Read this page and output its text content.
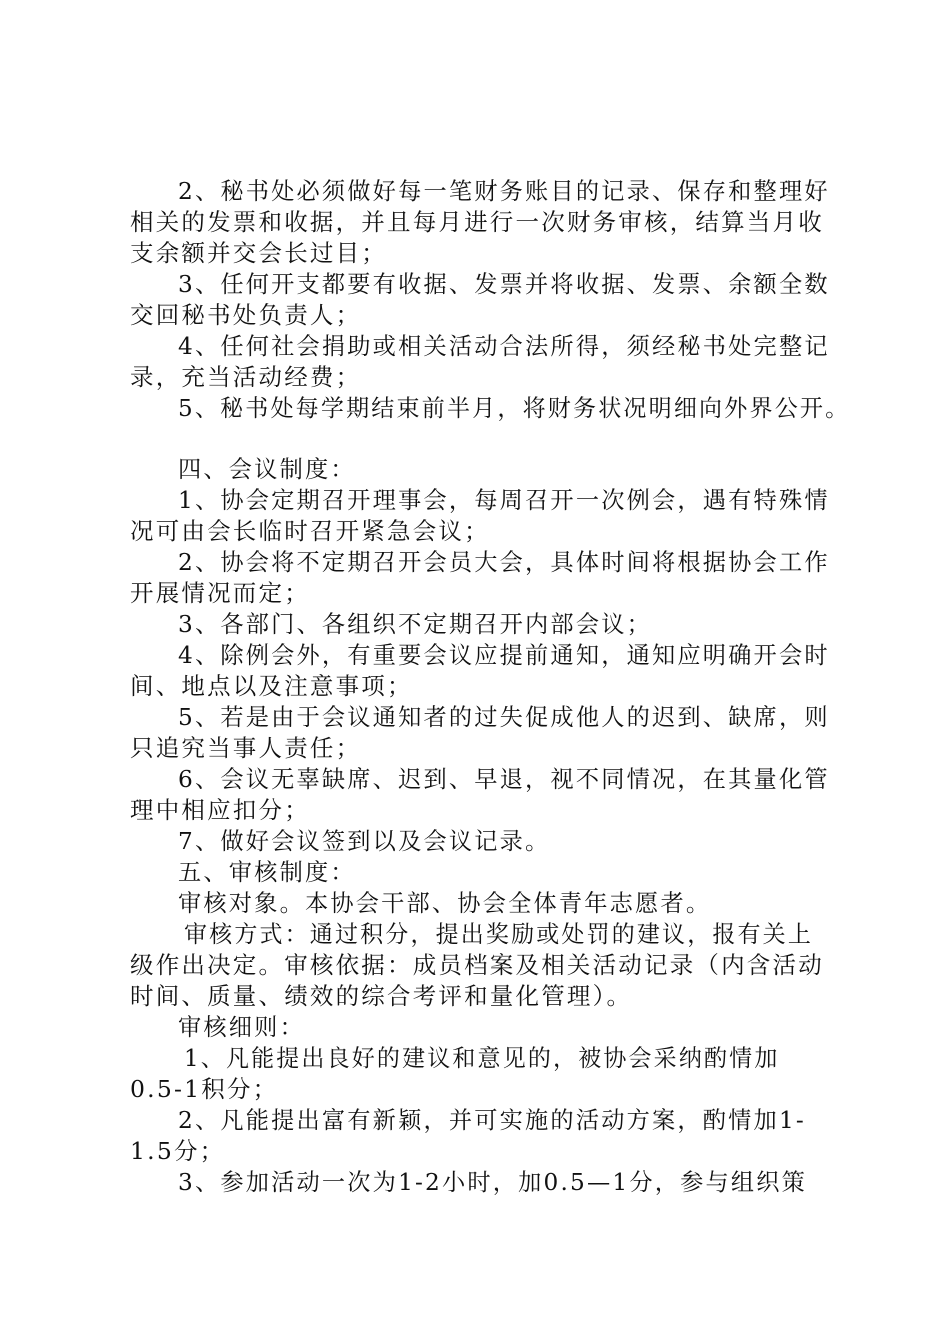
2、秘书处必须做好每一笔财务账目的记录、保存和整理好
相关的发票和收据，并且每月进行一次财务审核，结算当月收
支余额并交会长过目；
3、任何开支都要有收据、发票并将收据、发票、余额全数
交回秘书处负责人；
4、任何社会捐助或相关活动合法所得，须经秘书处完整记
录，充当活动经费；
5、秘书处每学期结束前半月，将财务状况明细向外界公开。
四、会议制度：
1、协会定期召开理事会，每周召开一次例会，遇有特殊情
况可由会长临时召开紧急会议；
2、协会将不定期召开会员大会，具体时间将根据协会工作
开展情况而定；
3、各部门、各组织不定期召开内部会议；
4、除例会外，有重要会议应提前通知，通知应明确开会时
间、地点以及注意事项；
5、若是由于会议通知者的过失促成他人的迟到、缺席，则
只追究当事人责任；
6、会议无辜缺席、迟到、早退，视不同情况，在其量化管
理中相应扣分；
7、做好会议签到以及会议记录。
五、审核制度：
审核对象。本协会干部、协会全体青年志愿者。
审核方式：通过积分，提出奖励或处罚的建议，报有关上
级作出决定。审核依据：成员档案及相关活动记录（内含活动
时间、质量、绩效的综合考评和量化管理）。
审核细则：
1、凡能提出良好的建议和意见的，被协会采纳酌情加
0.5-1积分；
2、凡能提出富有新颖，并可实施的活动方案，酌情加1-
1.5分；
3、参加活动一次为1-2小时，加0.5—1分，参与组织策
